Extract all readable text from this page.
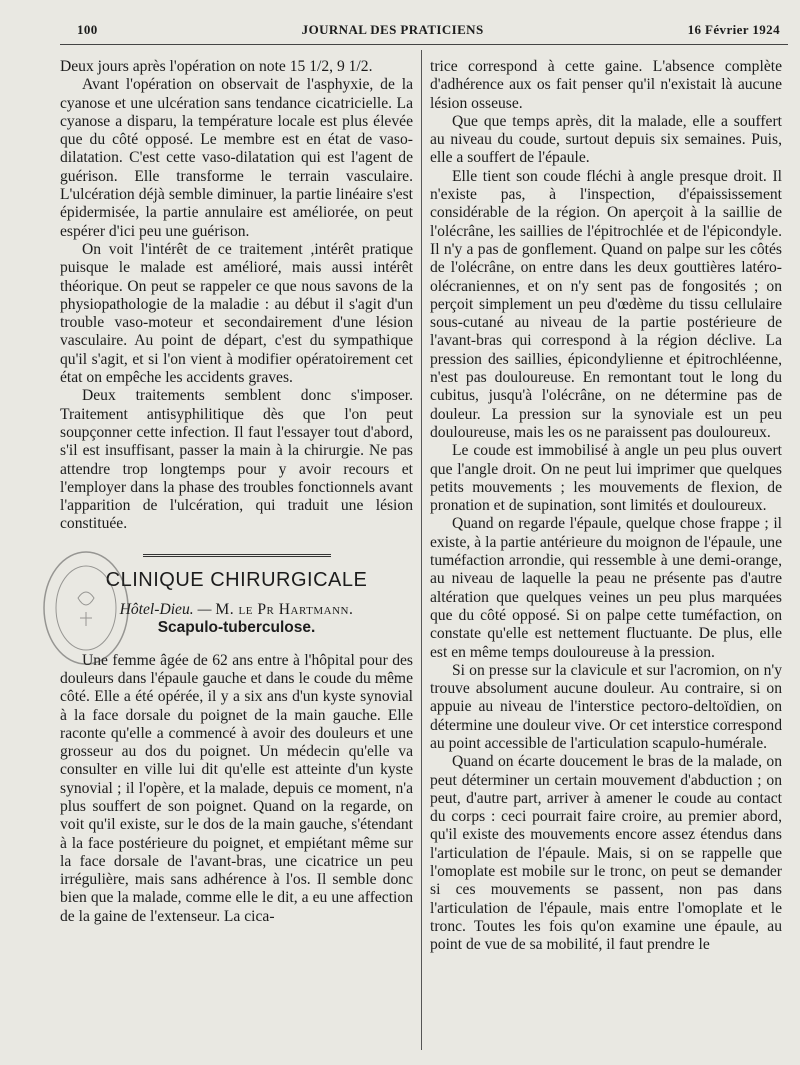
100	JOURNAL DES PRATICIENS	16 Février 1924

Deux jours après l'opération on note 15 1/2, 9 1/2.

Avant l'opération on observait de l'asphyxie, de la cyanose et une ulcération sans tendance cicatricielle. La cyanose a disparu, la température locale est plus élevée que du côté opposé. Le membre est en état de vaso-dilatation. C'est cette vaso-dilatation qui est l'agent de guérison. Elle transforme le terrain vasculaire. L'ulcération déjà semble diminuer, la partie linéaire s'est épidermisée, la partie annulaire est améliorée, on peut espérer d'ici peu une guérison.

On voit l'intérêt de ce traitement ,intérêt pratique puisque le malade est amélioré, mais aussi intérêt théorique. On peut se rappeler ce que nous savons de la physiopathologie de la maladie : au début il s'agit d'un trouble vaso-moteur et secondairement d'une lésion vasculaire. Au point de départ, c'est du sympathique qu'il s'agit, et si l'on vient à modifier opératoirement cet état on empêche les accidents graves.

Deux traitements semblent donc s'imposer. Traitement antisyphilitique dès que l'on peut soupçonner cette infection. Il faut l'essayer tout d'abord, s'il est insuffisant, passer la main à la chirurgie. Ne pas attendre trop longtemps pour y avoir recours et l'employer dans la phase des troubles fonctionnels avant l'apparition de l'ulcération, qui traduit une lésion constituée.

CLINIQUE CHIRURGICALE

Hôtel-Dieu. — M. le Pr Hartmann.

Scapulo-tuberculose.

Une femme âgée de 62 ans entre à l'hôpital pour des douleurs dans l'épaule gauche et dans le coude du même côté. Elle a été opérée, il y a six ans d'un kyste synovial à la face dorsale du poignet de la main gauche. Elle raconte qu'elle a commencé à avoir des douleurs et une grosseur au dos du poignet. Un médecin qu'elle va consulter en ville lui dit qu'elle est atteinte d'un kyste synovial ; il l'opère, et la malade, depuis ce moment, n'a plus souffert de son poignet. Quand on la regarde, on voit qu'il existe, sur le dos de la main gauche, s'étendant à la face postérieure du poignet, et empiétant même sur la face dorsale de l'avant-bras, une cicatrice un peu irrégulière, mais sans adhérence à l'os. Il semble donc bien que la malade, comme elle le dit, a eu une affection de la gaine de l'extenseur. La cica-

trice correspond à cette gaine. L'absence complète d'adhérence aux os fait penser qu'il n'existait là aucune lésion osseuse.

Que que temps après, dit la malade, elle a souffert au niveau du coude, surtout depuis six semaines. Puis, elle a souffert de l'épaule.

Elle tient son coude fléchi à angle presque droit. Il n'existe pas, à l'inspection, d'épaississement considérable de la région. On aperçoit à la saillie de l'olécrâne, les saillies de l'épitrochlée et de l'épicondyle. Il n'y a pas de gonflement. Quand on palpe sur les côtés de l'olécrâne, on entre dans les deux gouttières latéro-olécraniennes, et on n'y sent pas de fongosités ; on perçoit simplement un peu d'œdème du tissu cellulaire sous-cutané au niveau de la partie postérieure de l'avant-bras qui correspond à la région déclive. La pression des saillies, épicondylienne et épitrochléenne, n'est pas douloureuse. En remontant tout le long du cubitus, jusqu'à l'olécrâne, on ne détermine pas de douleur. La pression sur la synoviale est un peu douloureuse, mais les os ne paraissent pas douloureux.

Le coude est immobilisé à angle un peu plus ouvert que l'angle droit. On ne peut lui imprimer que quelques petits mouvements ; les mouvements de flexion, de pronation et de supination, sont limités et douloureux.

Quand on regarde l'épaule, quelque chose frappe ; il existe, à la partie antérieure du moignon de l'épaule, une tuméfaction arrondie, qui ressemble à une demi-orange, au niveau de laquelle la peau ne présente pas d'autre altération que quelques veines un peu plus marquées que du côté opposé. Si on palpe cette tuméfaction, on constate qu'elle est nettement fluctuante. De plus, elle est en même temps douloureuse à la pression.

Si on presse sur la clavicule et sur l'acromion, on n'y trouve absolument aucune douleur. Au contraire, si on appuie au niveau de l'interstice pectoro-deltoïdien, on détermine une douleur vive. Or cet interstice correspond au point accessible de l'articulation scapulo-humérale.

Quand on écarte doucement le bras de la malade, on peut déterminer un certain mouvement d'abduction ; on peut, d'autre part, arriver à amener le coude au contact du corps : ceci pourrait faire croire, au premier abord, qu'il existe des mouvements encore assez étendus dans l'articulation de l'épaule. Mais, si on se rappelle que l'omoplate est mobile sur le tronc, on peut se demander si ces mouvements se passent, non pas dans l'articulation de l'épaule, mais entre l'omoplate et le tronc. Toutes les fois qu'on examine une épaule, au point de vue de sa mobilité, il faut prendre le
